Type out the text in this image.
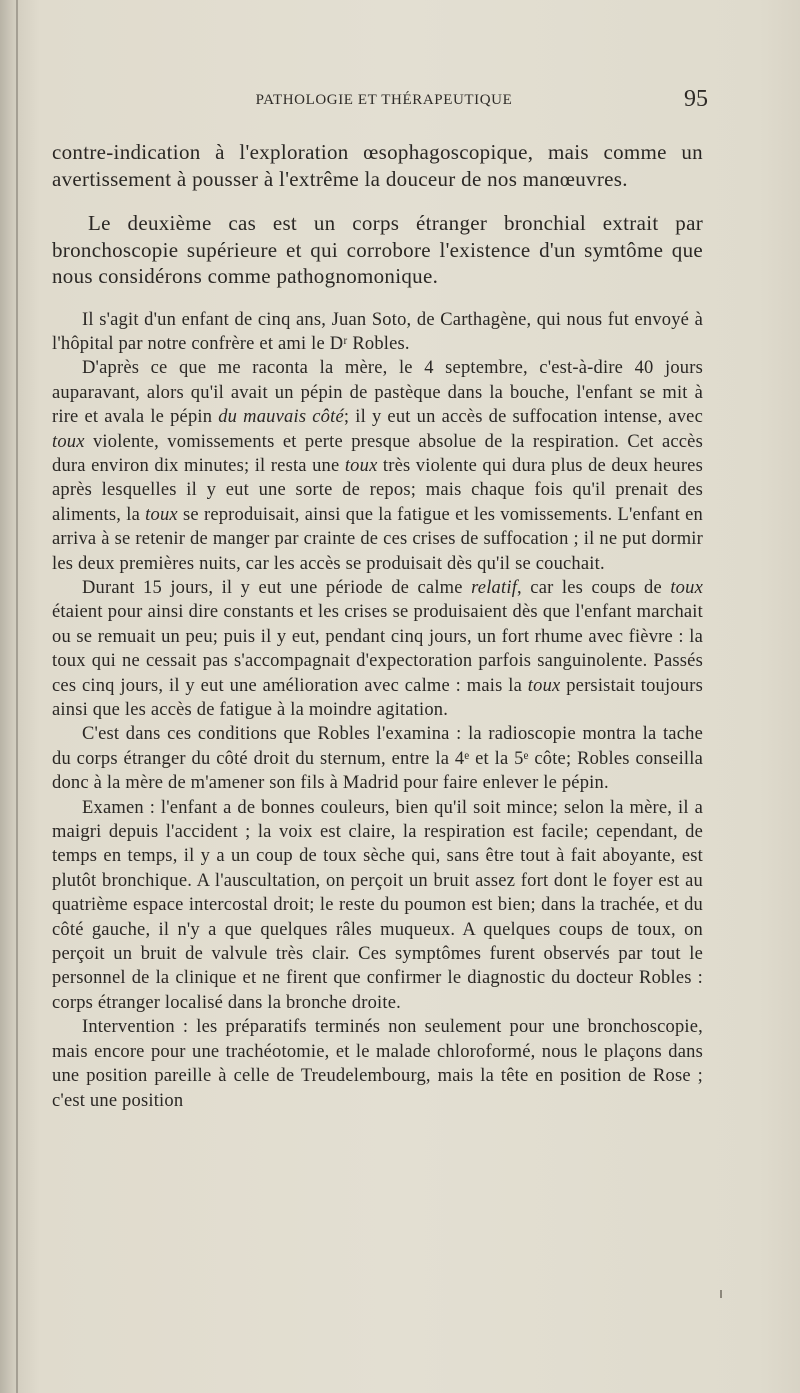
PATHOLOGIE ET THÉRAPEUTIQUE	95

contre-indication à l'exploration œsophagoscopique, mais comme un avertissement à pousser à l'extrême la douceur de nos manœuvres.

Le deuxième cas est un corps étranger bronchial extrait par bronchoscopie supérieure et qui corrobore l'existence d'un symtôme que nous considérons comme pathognomonique.

Il s'agit d'un enfant de cinq ans, Juan Soto, de Carthagène, qui nous fut envoyé à l'hôpital par notre confrère et ami le Dʳ Robles.

D'après ce que me raconta la mère, le 4 septembre, c'est-à-dire 40 jours auparavant, alors qu'il avait un pépin de pastèque dans la bouche, l'enfant se mit à rire et avala le pépin du mauvais côté; il y eut un accès de suffocation intense, avec toux violente, vomissements et perte presque absolue de la respiration. Cet accès dura environ dix minutes; il resta une toux très violente qui dura plus de deux heures après lesquelles il y eut une sorte de repos; mais chaque fois qu'il prenait des aliments, la toux se reproduisait, ainsi que la fatigue et les vomissements. L'enfant en arriva à se retenir de manger par crainte de ces crises de suffocation ; il ne put dormir les deux premières nuits, car les accès se produisait dès qu'il se couchait.

Durant 15 jours, il y eut une période de calme relatif, car les coups de toux étaient pour ainsi dire constants et les crises se produisaient dès que l'enfant marchait ou se remuait un peu; puis il y eut, pendant cinq jours, un fort rhume avec fièvre : la toux qui ne cessait pas s'accompagnait d'expectoration parfois sanguinolente. Passés ces cinq jours, il y eut une amélioration avec calme : mais la toux persistait toujours ainsi que les accès de fatigue à la moindre agitation.

C'est dans ces conditions que Robles l'examina : la radioscopie montra la tache du corps étranger du côté droit du sternum, entre la 4ᵉ et la 5ᵉ côte; Robles conseilla donc à la mère de m'amener son fils à Madrid pour faire enlever le pépin.

Examen : l'enfant a de bonnes couleurs, bien qu'il soit mince; selon la mère, il a maigri depuis l'accident ; la voix est claire, la respiration est facile; cependant, de temps en temps, il y a un coup de toux sèche qui, sans être tout à fait aboyante, est plutôt bronchique. A l'auscultation, on perçoit un bruit assez fort dont le foyer est au quatrième espace intercostal droit; le reste du poumon est bien; dans la trachée, et du côté gauche, il n'y a que quelques râles muqueux. A quelques coups de toux, on perçoit un bruit de valvule très clair. Ces symptômes furent observés par tout le personnel de la clinique et ne firent que confirmer le diagnostic du docteur Robles : corps étranger localisé dans la bronche droite.

Intervention : les préparatifs terminés non seulement pour une bronchoscopie, mais encore pour une trachéotomie, et le malade chloroformé, nous le plaçons dans une position pareille à celle de Treudelembourg, mais la tête en position de Rose ; c'est une position
